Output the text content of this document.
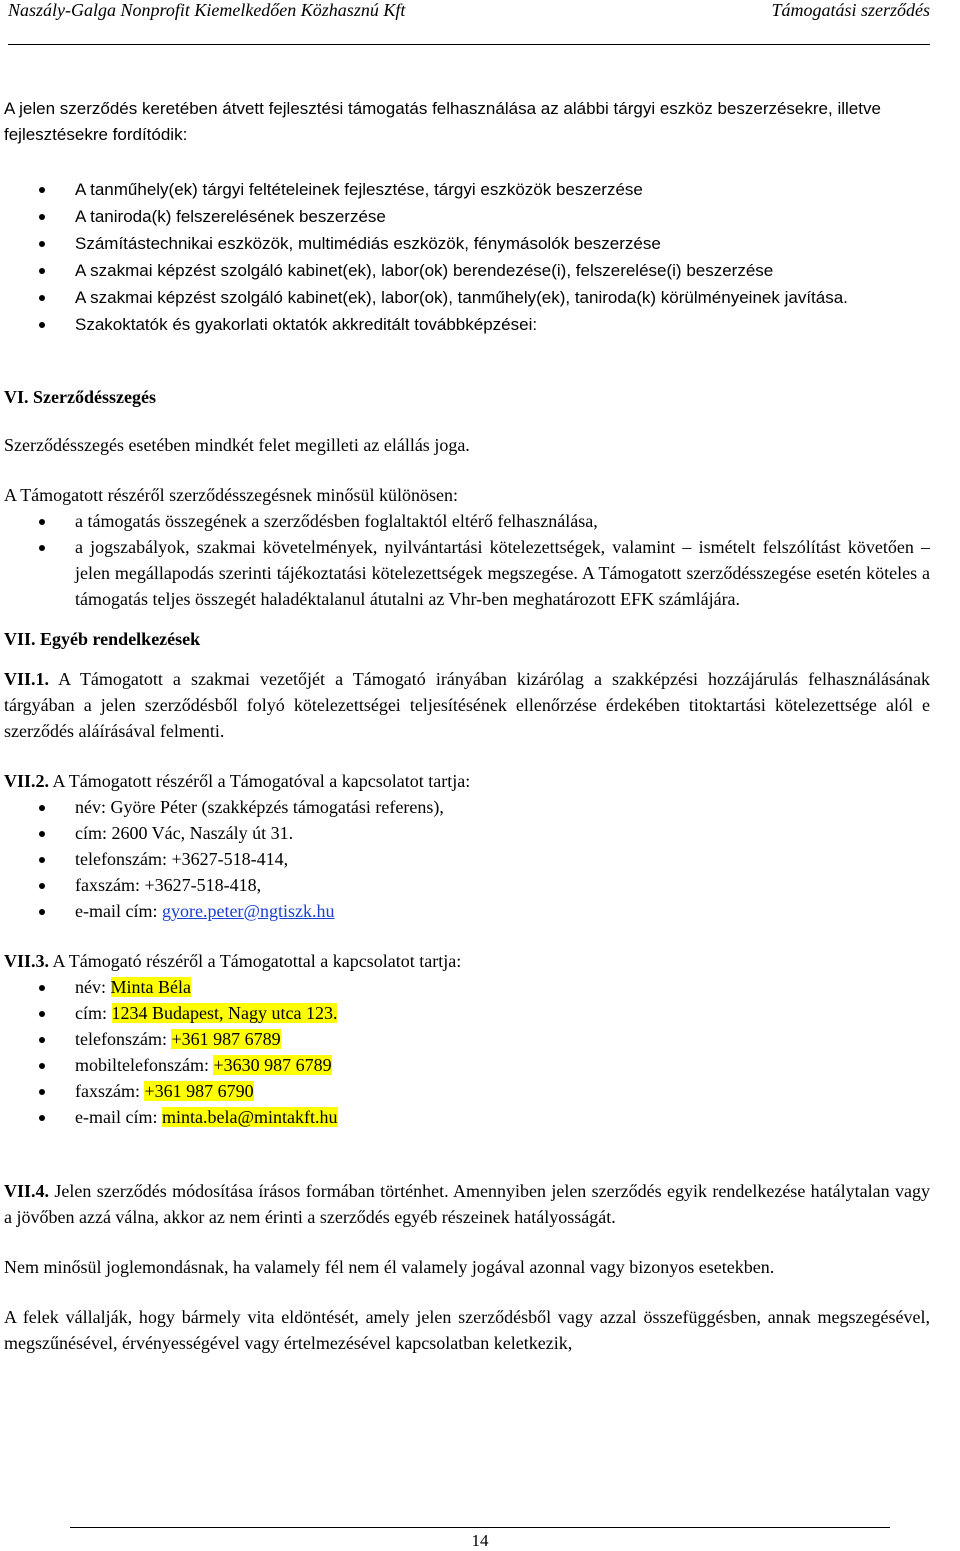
Naszály-Galga Nonprofit Kiemelkedően Közhasznú Kft	Támogatási szerződés

A jelen szerződés keretében átvett fejlesztési támogatás felhasználása az alábbi tárgyi eszköz beszerzésekre, illetve fejlesztésekre fordítódik:

A tanműhely(ek) tárgyi feltételeinek fejlesztése, tárgyi eszközök beszerzése
A taniroda(k) felszerelésének beszerzése
Számítástechnikai eszközök, multimédiás eszközök, fénymásolók beszerzése
A szakmai képzést szolgáló kabinet(ek), labor(ok) berendezése(i), felszerelése(i) beszerzése
A szakmai képzést szolgáló kabinet(ek), labor(ok), tanműhely(ek), taniroda(k) körülményeinek javítása.
Szakoktatók és gyakorlati oktatók akkreditált továbbképzései:

VI. Szerződésszegés

Szerződésszegés esetében mindkét felet megilleti az elállás joga.

A Támogatott részéről szerződésszegésnek minősül különösen:

a támogatás összegének a szerződésben foglaltaktól eltérő felhasználása,
a jogszabályok, szakmai követelmények, nyilvántartási kötelezettségek, valamint – ismételt felszólítást követően – jelen megállapodás szerinti tájékoztatási kötelezettségek megszegése. A Támogatott szerződésszegése esetén köteles a támogatás teljes összegét haladéktalanul átutalni az Vhr-ben meghatározott EFK számlájára.

VII. Egyéb rendelkezések

VII.1. A Támogatott a szakmai vezetőjét a Támogató irányában kizárólag a szakképzési hozzájárulás felhasználásának tárgyában a jelen szerződésből folyó kötelezettségei teljesítésének ellenőrzése érdekében titoktartási kötelezettsége alól e szerződés aláírásával felmenti.

VII.2. A Támogatott részéről a Támogatóval a kapcsolatot tartja:

név: Györe Péter (szakképzés támogatási referens),
cím: 2600 Vác, Naszály út 31.
telefonszám: +3627-518-414,
faxszám: +3627-518-418,
e-mail cím: gyore.peter@ngtiszk.hu

VII.3. A Támogató részéről a Támogatottal a kapcsolatot tartja:

név: Minta Béla
cím: 1234 Budapest, Nagy utca 123.
telefonszám: +361 987 6789
mobiltelefonszám: +3630 987 6789
faxszám: +361 987 6790
e-mail cím: minta.bela@mintakft.hu

VII.4. Jelen szerződés módosítása írásos formában történhet. Amennyiben jelen szerződés egyik rendelkezése hatálytalan vagy a jövőben azzá válna, akkor az nem érinti a szerződés egyéb részeinek hatályosságát.

Nem minősül joglemondásnak, ha valamely fél nem él valamely jogával azonnal vagy bizonyos esetekben.

A felek vállalják, hogy bármely vita eldöntését, amely jelen szerződésből vagy azzal összefüggésben, annak megszegésével, megszűnésével, érvényességével vagy értelmezésével kapcsolatban keletkezik,

14
